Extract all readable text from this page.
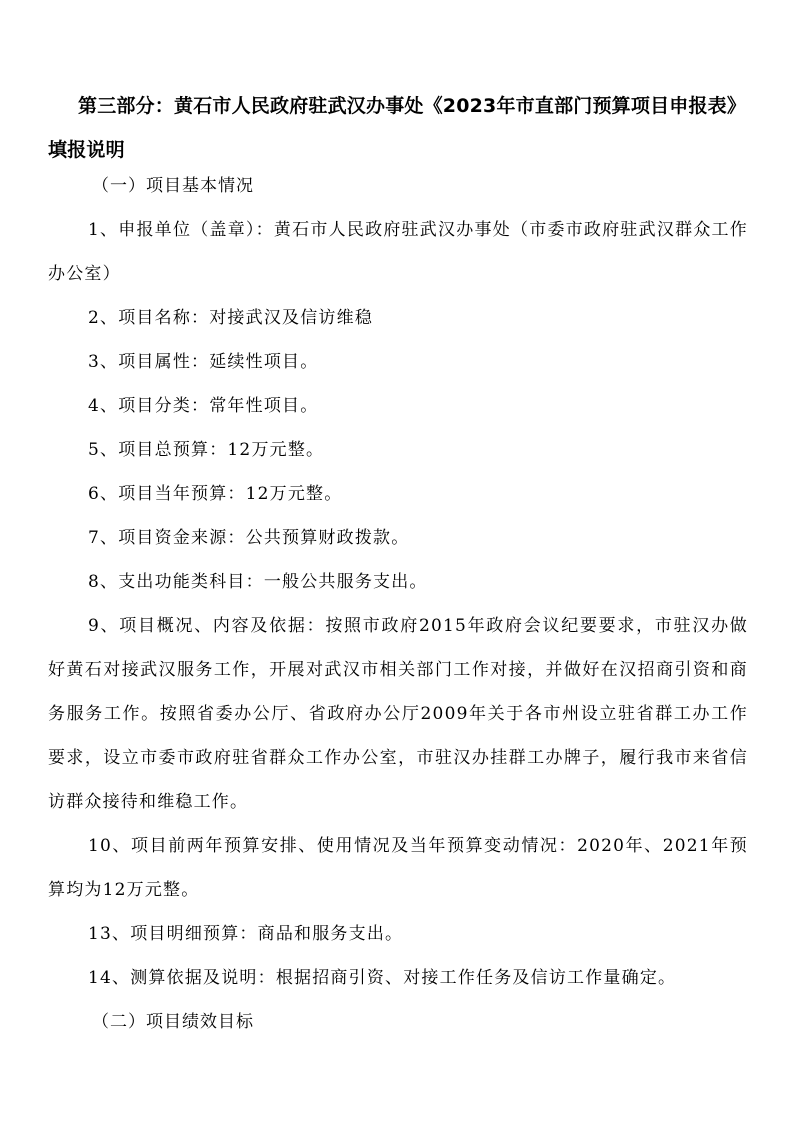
第三部分：黄石市人民政府驻武汉办事处《2023年市直部门预算项目申报表》填报说明
（一）项目基本情况
1、申报单位（盖章）：黄石市人民政府驻武汉办事处（市委市政府驻武汉群众工作办公室）
2、项目名称：对接武汉及信访维稳
3、项目属性：延续性项目。
4、项目分类：常年性项目。
5、项目总预算：12万元整。
6、项目当年预算：12万元整。
7、项目资金来源：公共预算财政拨款。
8、支出功能类科目：一般公共服务支出。
9、项目概况、内容及依据：按照市政府2015年政府会议纪要要求，市驻汉办做好黄石对接武汉服务工作，开展对武汉市相关部门工作对接，并做好在汉招商引资和商务服务工作。按照省委办公厅、省政府办公厅2009年关于各市州设立驻省群工办工作要求，设立市委市政府驻省群众工作办公室，市驻汉办挂群工办牌子，履行我市来省信访群众接待和维稳工作。
10、项目前两年预算安排、使用情况及当年预算变动情况：2020年、2021年预算均为12万元整。
13、项目明细预算：商品和服务支出。
14、测算依据及说明：根据招商引资、对接工作任务及信访工作量确定。
（二）项目绩效目标
